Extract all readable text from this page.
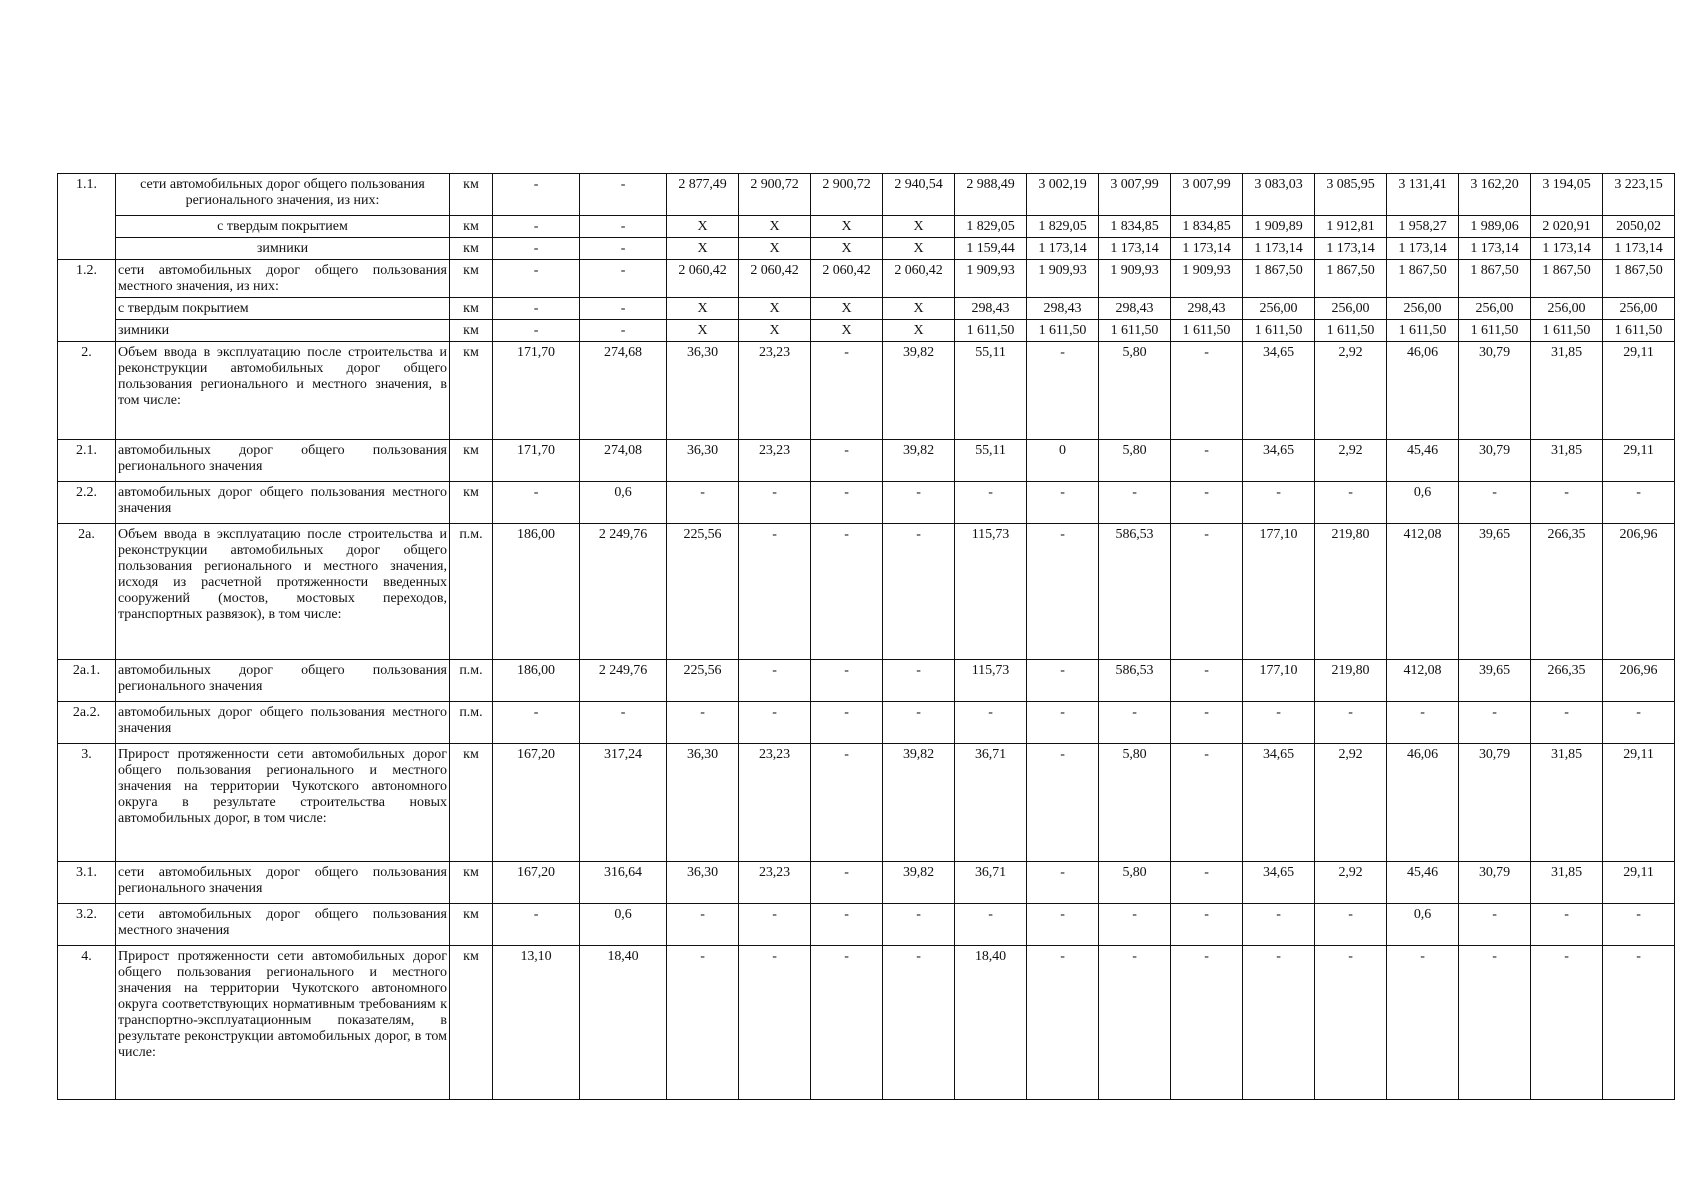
1.1.	сети автомобильных дорог общего пользования регионального значения, из них:	км	-	-	2 877,49	2 900,72	2 900,72	2 940,54	2 988,49	3 002,19	3 007,99	3 007,99	3 083,03	3 085,95	3 131,41	3 162,20	3 194,05	3 223,15
	с твердым покрытием	км	-	-	X	X	X	X	1 829,05	1 829,05	1 834,85	1 834,85	1 909,89	1 912,81	1 958,27	1 989,06	2 020,91	2050,02
	зимники	км	-	-	X	X	X	X	1 159,44	1 173,14	1 173,14	1 173,14	1 173,14	1 173,14	1 173,14	1 173,14	1 173,14	1 173,14
1.2.	сети автомобильных дорог общего пользования местного значения, из них:	км	-	-	2 060,42	2 060,42	2 060,42	2 060,42	1 909,93	1 909,93	1 909,93	1 909,93	1 867,50	1 867,50	1 867,50	1 867,50	1 867,50	1 867,50
	с твердым покрытием	км	-	-	X	X	X	X	298,43	298,43	298,43	298,43	256,00	256,00	256,00	256,00	256,00	256,00
	зимники	км	-	-	X	X	X	X	1 611,50	1 611,50	1 611,50	1 611,50	1 611,50	1 611,50	1 611,50	1 611,50	1 611,50	1 611,50
2.	Объем ввода в эксплуатацию после строительства и реконструкции автомобильных дорог общего пользования регионального и местного значения, в том числе:	км	171,70	274,68	36,30	23,23	-	39,82	55,11	-	5,80	-	34,65	2,92	46,06	30,79	31,85	29,11
2.1.	автомобильных дорог общего пользования регионального значения	км	171,70	274,08	36,30	23,23	-	39,82	55,11	0	5,80	-	34,65	2,92	45,46	30,79	31,85	29,11
2.2.	автомобильных дорог общего пользования местного значения	км	-	0,6	-	-	-	-	-	-	-	-	-	-	0,6	-	-	-
2а.	Объем ввода в эксплуатацию после строительства и реконструкции автомобильных дорог общего пользования регионального и местного значения, исходя из расчетной протяженности введенных сооружений (мостов, мостовых переходов, транспортных развязок), в том числе:	п.м.	186,00	2 249,76	225,56	-	-	-	115,73	-	586,53	-	177,10	219,80	412,08	39,65	266,35	206,96
2а.1.	автомобильных дорог общего пользования регионального значения	п.м.	186,00	2 249,76	225,56	-	-	-	115,73	-	586,53	-	177,10	219,80	412,08	39,65	266,35	206,96
2а.2.	автомобильных дорог общего пользования местного значения	п.м.	-	-	-	-	-	-	-	-	-	-	-	-	-	-	-	-
3.	Прирост протяженности сети автомобильных дорог общего пользования регионального и местного значения на территории Чукотского автономного округа в результате строительства новых автомобильных дорог, в том числе:	км	167,20	317,24	36,30	23,23	-	39,82	36,71	-	5,80	-	34,65	2,92	46,06	30,79	31,85	29,11
3.1.	сети автомобильных дорог общего пользования регионального значения	км	167,20	316,64	36,30	23,23	-	39,82	36,71	-	5,80	-	34,65	2,92	45,46	30,79	31,85	29,11
3.2.	сети автомобильных дорог общего пользования местного значения	км	-	0,6	-	-	-	-	-	-	-	-	-	-	0,6	-	-	-
4.	Прирост протяженности сети автомобильных дорог общего пользования регионального и местного значения на территории Чукотского автономного округа соответствующих нормативным требованиям к транспортно-эксплуатационным показателям, в результате реконструкции автомобильных дорог, в том числе:	км	13,10	18,40	-	-	-	-	18,40	-	-	-	-	-	-	-	-	-
